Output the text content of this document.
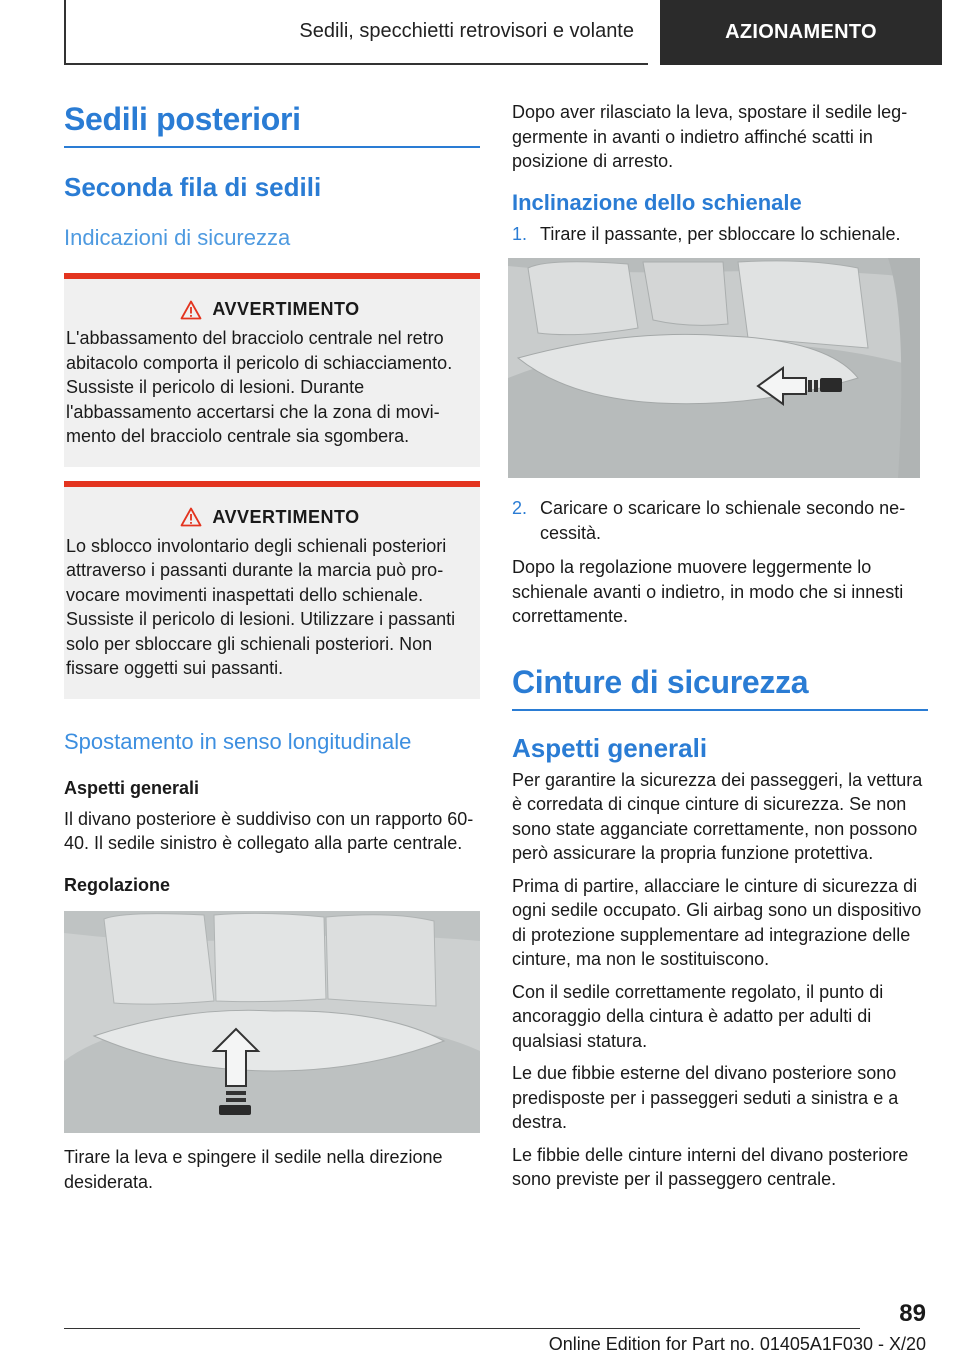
Sedili, specchietti retrovisori e volante	AZIONAMENTO
Sedili posteriori
Seconda fila di sedili
Indicazioni di sicurezza
AVVERTIMENTO

L'abbassamento del bracciolo centrale nel retro abitacolo comporta il pericolo di schiacciamento. Sussiste il pericolo di lesioni. Durante l'abbassamento accertarsi che la zona di movimento del bracciolo centrale sia sgombera.

AVVERTIMENTO

Lo sblocco involontario degli schienali posteriori attraverso i passanti durante la marcia può provocare movimenti inaspettati dello schienale. Sussiste il pericolo di lesioni. Utilizzare i passanti solo per sbloccare gli schienali posteriori. Non fissare oggetti sui passanti.

Spostamento in senso longitudinale
Aspetti generali

Il divano posteriore è suddiviso con un rapporto 60-40. Il sedile sinistro è collegato alla parte centrale.

Regolazione

Tirare la leva e spingere il sedile nella direzione desiderata.

Dopo aver rilasciato la leva, spostare il sedile leggermente in avanti o indietro affinché scatti in posizione di arresto.

Inclinazione dello schienale
1. Tirare il passante, per sbloccare lo schienale.
2. Caricare o scaricare lo schienale secondo necessità.

Dopo la regolazione muovere leggermente lo schienale avanti o indietro, in modo che si innesti correttamente.

Cinture di sicurezza
Aspetti generali

Per garantire la sicurezza dei passeggeri, la vettura è corredata di cinque cinture di sicurezza. Se non sono state agganciate correttamente, non possono però assicurare la propria funzione protettiva.

Prima di partire, allacciare le cinture di sicurezza di ogni sedile occupato. Gli airbag sono un dispositivo di protezione supplementare ad integrazione delle cinture, ma non le sostituiscono.

Con il sedile correttamente regolato, il punto di ancoraggio della cintura è adatto per adulti di qualsiasi statura.

Le due fibbie esterne del divano posteriore sono predisposte per i passeggeri seduti a sinistra e a destra.

Le fibbie delle cinture interni del divano posteriore sono previste per il passeggero centrale.

89
Online Edition for Part no. 01405A1F030 - X/20
